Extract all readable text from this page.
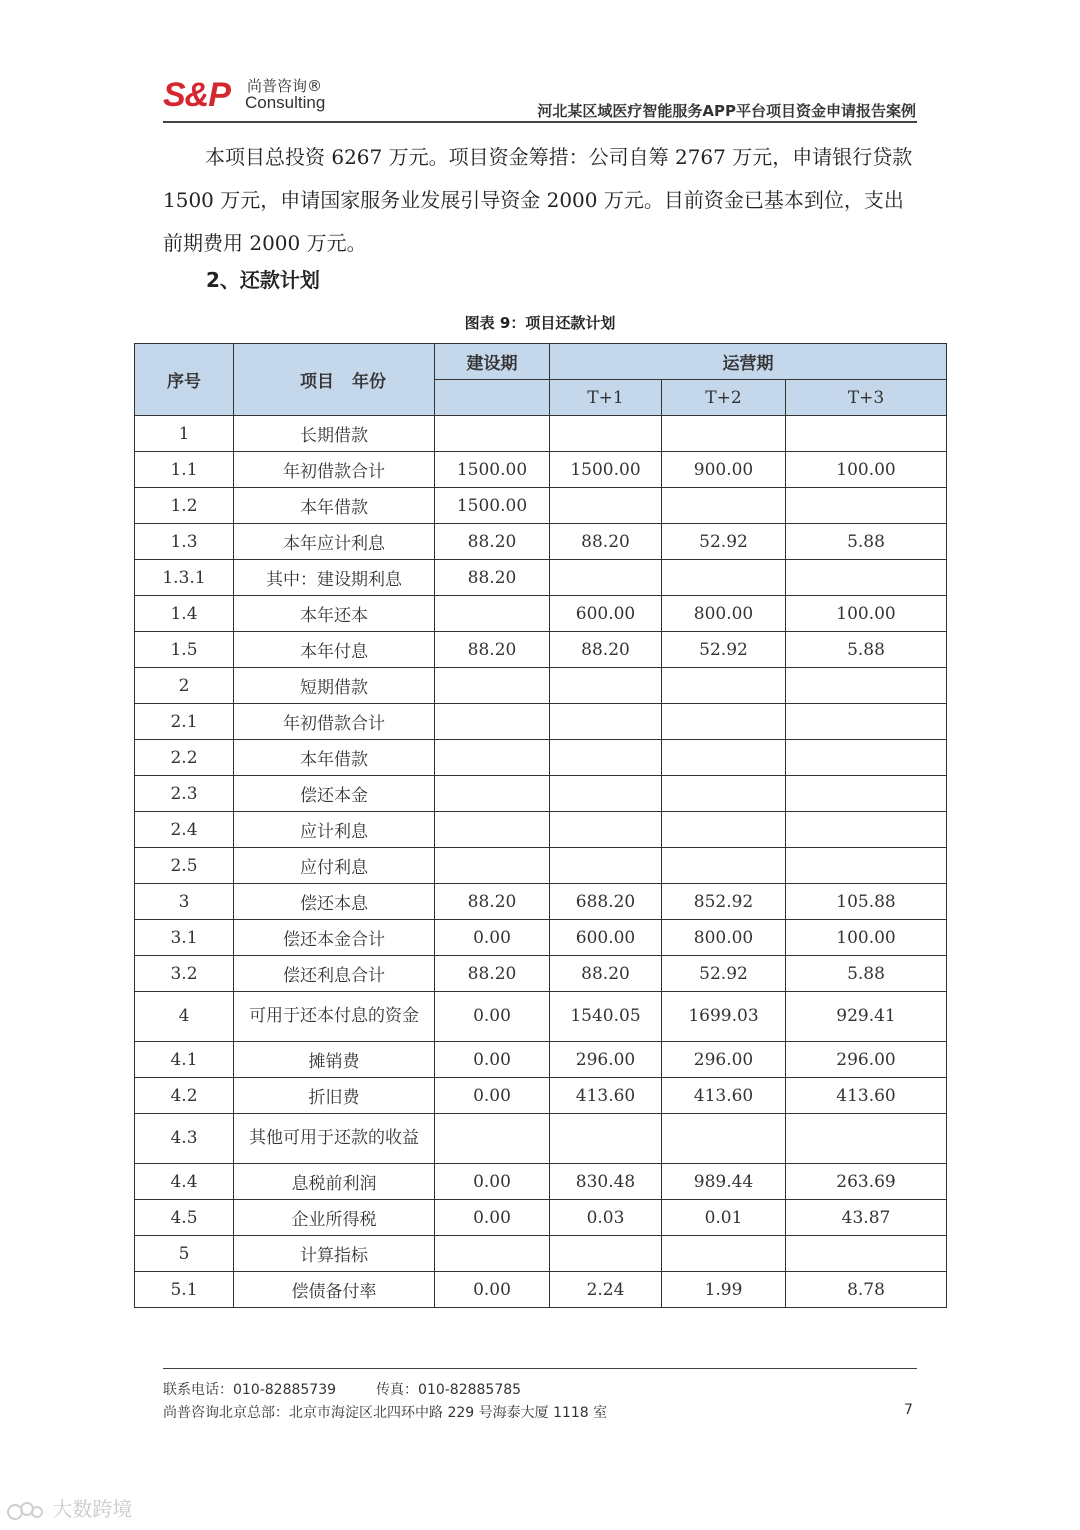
S&P 尚普咨询®
Consulting	河北某区域医疗智能服务APP平台项目资金申请报告案例
本项目总投资 6267 万元。项目资金筹措：公司自筹 2767 万元，申请银行贷款 1500 万元，申请国家服务业发展引导资金 2000 万元。目前资金已基本到位，支出前期费用 2000 万元。
2、还款计划
图表 9：项目还款计划
序号	项目 年份	建设期	运营期		
			T+1	T+2	T+3
1	长期借款				
1.1	年初借款合计	1500.00	1500.00	900.00	100.00
1.2	本年借款	1500.00			
1.3	本年应计利息	88.20	88.20	52.92	5.88
1.3.1	其中：建设期利息	88.20			
1.4	本年还本		600.00	800.00	100.00
1.5	本年付息	88.20	88.20	52.92	5.88
2	短期借款				
2.1	年初借款合计				
2.2	本年借款				
2.3	偿还本金				
2.4	应计利息				
2.5	应付利息				
3	偿还本息	88.20	688.20	852.92	105.88
3.1	偿还本金合计	0.00	600.00	800.00	100.00
3.2	偿还利息合计	88.20	88.20	52.92	5.88
4	可用于还本付息的资金	0.00	1540.05	1699.03	929.41
4.1	摊销费	0.00	296.00	296.00	296.00
4.2	折旧费	0.00	413.60	413.60	413.60
4.3	其他可用于还款的收益				
4.4	息税前利润	0.00	830.48	989.44	263.69
4.5	企业所得税	0.00	0.03	0.01	43.87
5	计算指标				
5.1	偿债备付率	0.00	2.24	1.99	8.78
联系电话：010-82885739	传真：010-82885785
尚普咨询北京总部：北京市海淀区北四环中路 229 号海泰大厦 1118 室	7
大数跨境
